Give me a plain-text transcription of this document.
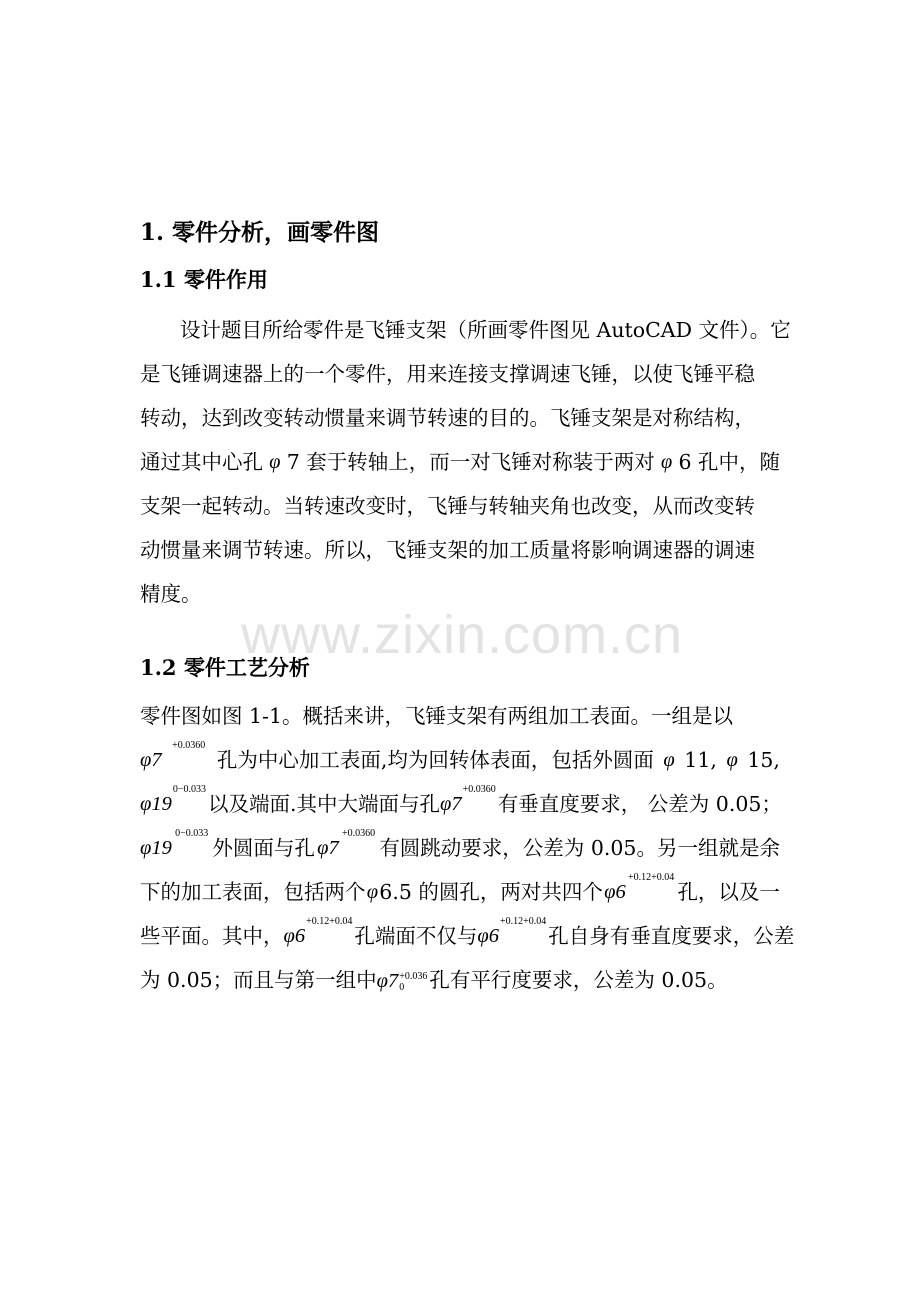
www.zixin.com.cn
1. 零件分析，画零件图
1.1 零件作用
设计题目所给零件是飞锤支架（所画零件图见 AutoCAD 文件）。它
是飞锤调速器上的一个零件，用来连接支撑调速飞锤，以使飞锤平稳
转动，达到改变转动惯量来调节转速的目的。飞锤支架是对称结构，
通过其中心孔 φ 7 套于转轴上，而一对飞锤对称装于两对 φ 6 孔中，随
支架一起转动。当转速改变时，飞锤与转轴夹角也改变，从而改变转
动惯量来调节转速。所以，飞锤支架的加工质量将影响调速器的调速
精度。
1.2 零件工艺分析
零件图如图 1-1。概括来讲，飞锤支架有两组加工表面。一组是以
φ7
+0.0360
孔为中心加工表面,均为回转体表面，包括外圆面 φ 11, φ 15,
φ19
0−0.033
以及端面.其中大端面与孔 φ7
+0.0360
有垂直度要求， 公差为 0.05；
φ19
0−0.033
外圆面与孔 φ7
+0.0360
有圆跳动要求，公差为 0.05。另一组就是余
下的加工表面，包括两个 φ 6.5 的圆孔，两对共四个 φ6
+0.12+0.04
孔，以及一
些平面。其中， φ6
+0.12+0.04
孔端面不仅与 φ6
+0.12+0.04
孔自身有垂直度要求，公差
为 0.05；而且与第一组中φ7 +0.036
0	孔有平行度要求，公差为 0.05。
